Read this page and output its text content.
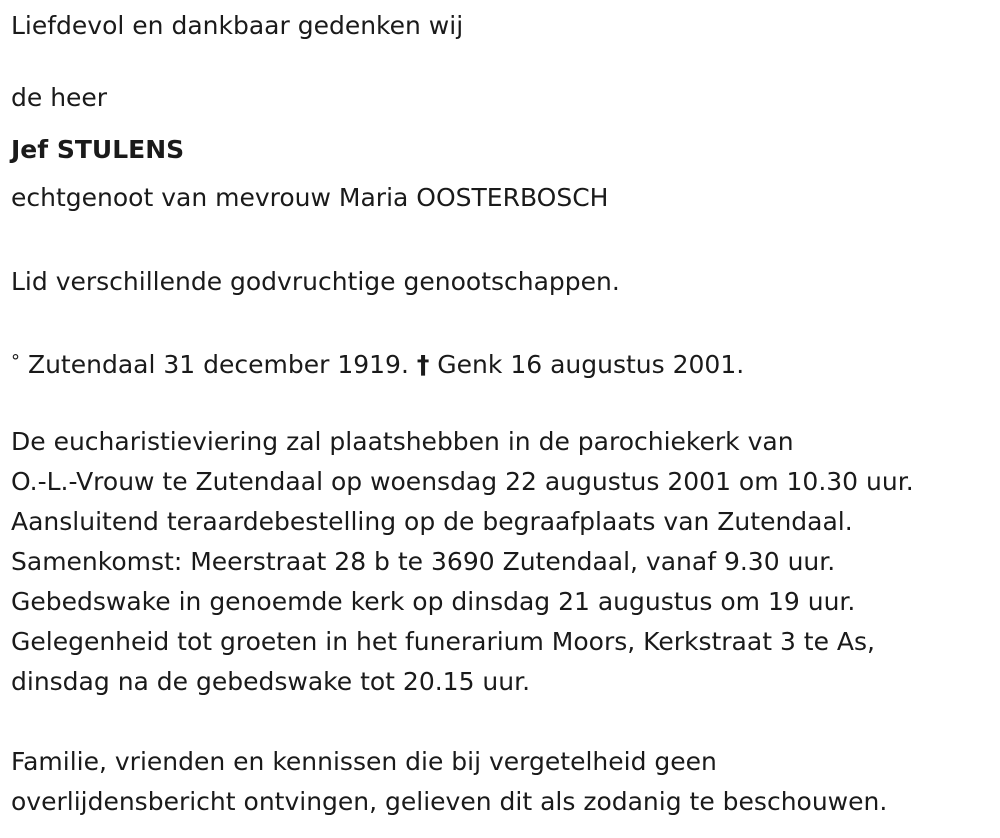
Liefdevol en dankbaar gedenken wij
de heer
Jef STULENS
echtgenoot van mevrouw Maria OOSTERBOSCH
Lid verschillende godvruchtige genootschappen.
° Zutendaal 31 december 1919. † Genk 16 augustus 2001.
De eucharistieviering zal plaatshebben in de parochiekerk van
O.-L.-Vrouw te Zutendaal op woensdag 22 augustus 2001 om 10.30 uur.
Aansluitend teraardebestelling op de begraafplaats van Zutendaal.
Samenkomst: Meerstraat 28 b te 3690 Zutendaal, vanaf 9.30 uur.
Gebedswake in genoemde kerk op dinsdag 21 augustus om 19 uur.
Gelegenheid tot groeten in het funerarium Moors, Kerkstraat 3 te As,
dinsdag na de gebedswake tot 20.15 uur.
Familie, vrienden en kennissen die bij vergetelheid geen
overlijdensbericht ontvingen, gelieven dit als zodanig te beschouwen.
